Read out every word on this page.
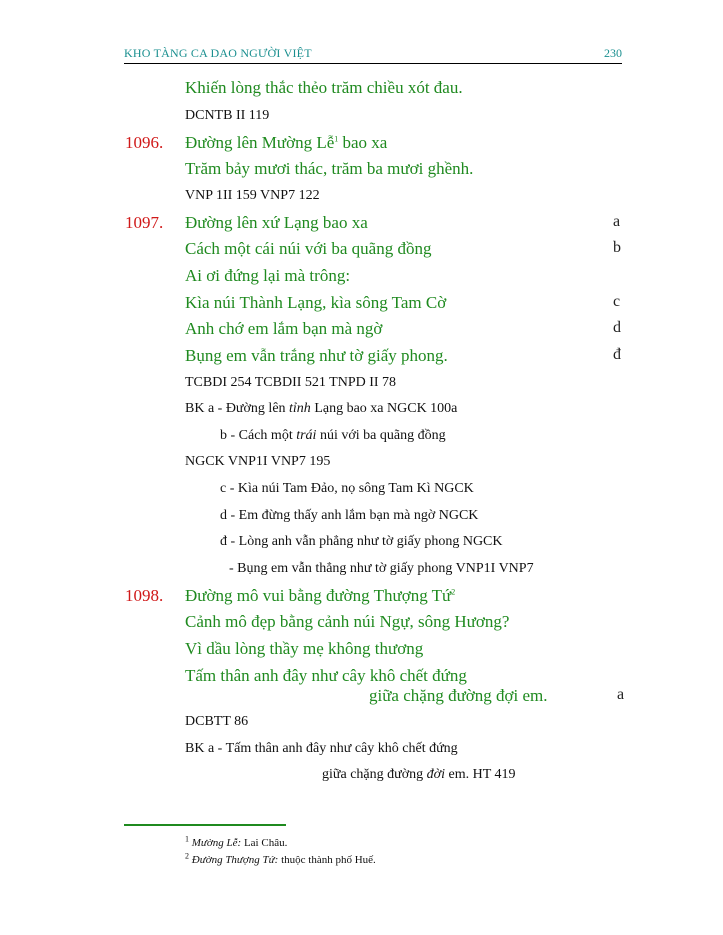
KHO TÀNG CA DAO NGƯỜI VIỆT	230
Khiến lòng thắc thẻo trăm chiều xót đau.
DCNTB II 119
1096. Đường lên Mường Lễ$^1$ bao xa
Trăm bảy mươi thác, trăm ba mươi ghềnh.
VNP 1II 159 VNP7 122
1097. Đường lên xứ Lạng bao xa	a
Cách một cái núi với ba quãng đồng	b
Ai ơi đứng lại mà trông:
Kìa núi Thành Lạng, kìa sông Tam Cờ	c
Anh chớ em lắm bạn mà ngờ	d
Bụng em vẫn trắng như tờ giấy phong.	đ
TCBDI 254 TCBDII 521 TNPD II 78
BK a - Đường lên tỉnh Lạng bao xa NGCK 100a
b - Cách một trái núi với ba quãng đồng
NGCK VNP1I VNP7 195
c - Kìa núi Tam Đảo, nọ sông Tam Kì NGCK
d - Em đừng thấy anh lắm bạn mà ngờ NGCK
đ - Lòng anh vẫn phẳng như tờ giấy phong NGCK
- Bụng em vẫn thẳng như tờ giấy phong VNP1I VNP7
1098. Đường mô vui bằng đường Thượng Tứ$^2$
Cảnh mô đẹp bằng cảnh núi Ngự, sông Hương?
Vì dầu lòng thầy mẹ không thương
Tấm thân anh đây như cây khô chết đứng
giữa chặng đường đợi em.	a
DCBTT 86
BK a - Tấm thân anh đây như cây khô chết đứng
giữa chặng đường đời em. HT 419
$^1$ Mường Lễ: Lai Châu.
$^2$ Đường Thượng Tứ: thuộc thành phố Huế.
